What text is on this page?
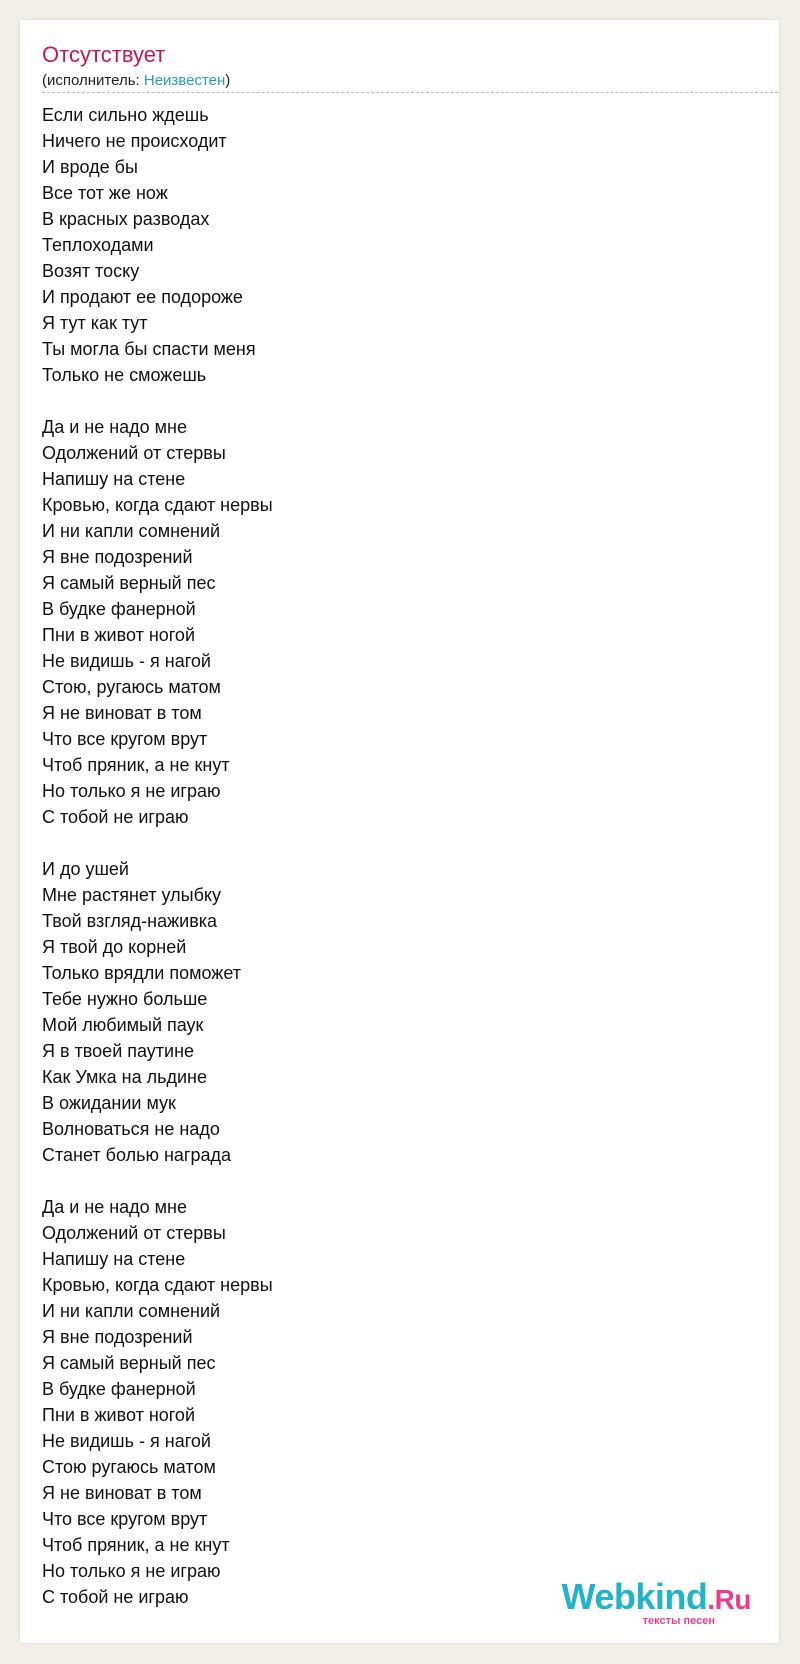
Отсутствует
(исполнитель: Неизвестен)
Если сильно ждешь
Ничего не происходит
И вроде бы
Все тот же нож
В красных разводах
Теплоходами
Возят тоску
И продают ее подороже
Я тут как тут
Ты могла бы спасти меня
Только не сможешь
Да и не надо мне
Одолжений от стервы
Напишу на стене
Кровью, когда сдают нервы
И ни капли сомнений
Я вне подозрений
Я самый верный пес
В будке фанерной
Пни в живот ногой
Не видишь - я нагой
Стою, ругаюсь матом
Я не виноват в том
Что все кругом врут
Чтоб пряник, а не кнут
Но только я не играю
С тобой не играю
И до ушей
Мне растянет улыбку
Твой взгляд-наживка
Я твой до корней
Только врядли поможет
Тебе нужно больше
Мой любимый паук
Я в твоей паутине
Как Умка на льдине
В ожидании мук
Волноваться не надо
Станет болью награда
Да и не надо мне
Одолжений от стервы
Напишу на стене
Кровью, когда сдают нервы
И ни капли сомнений
Я вне подозрений
Я самый верный пес
В будке фанерной
Пни в живот ногой
Не видишь - я нагой
Стою ругаюсь матом
Я не виноват в том
Что все кругом врут
Чтоб пряник, а не кнут
Но только я не играю
С тобой не играю	Webkind.Ru
тексты песен
